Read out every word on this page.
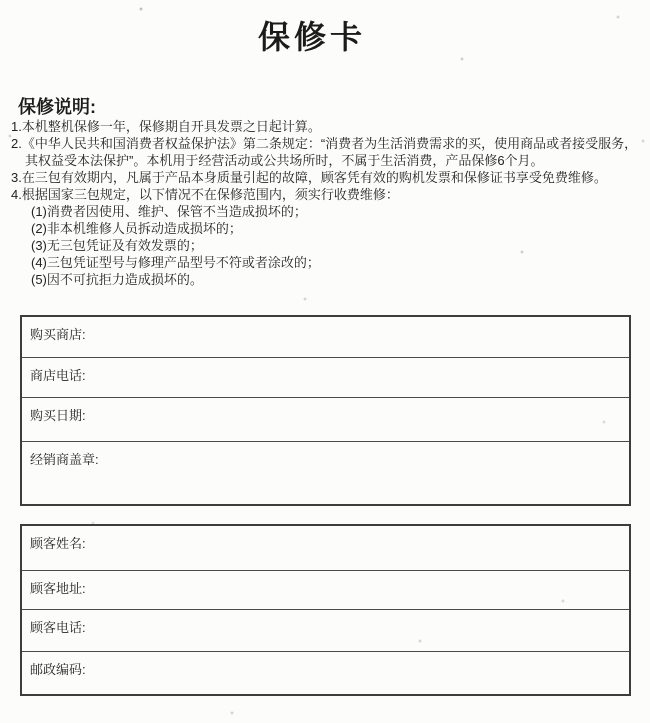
保修卡
保修说明:

1.本机整机保修一年，保修期自开具发票之日起计算。

2.《中华人民共和国消费者权益保护法》第二条规定：“消费者为生活消费需求的买，使用商品或者接受服务，

其权益受本法保护”。本机用于经营活动或公共场所时，不属于生活消费，产品保修6个月。

3.在三包有效期内，凡属于产品本身质量引起的故障，顾客凭有效的购机发票和保修证书享受免费维修。

4.根据国家三包规定，以下情况不在保修范围内，须实行收费维修：

(1)消费者因使用、维护、保管不当造成损坏的；

(2)非本机维修人员拆动造成损坏的；

(3)无三包凭证及有效发票的；

(4)三包凭证型号与修理产品型号不符或者涂改的；

(5)因不可抗拒力造成损坏的。

购买商店:
商店电话:
购买日期:
经销商盖章:
顾客姓名:
顾客地址:
顾客电话:
邮政编码:
